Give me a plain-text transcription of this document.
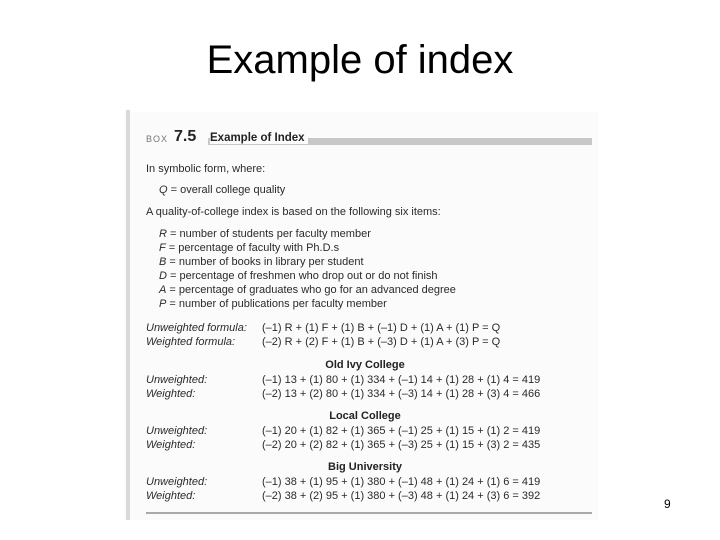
Example of index
BOX 7.5 Example of Index
In symbolic form, where:
Q = overall college quality
A quality-of-college index is based on the following six items:
R = number of students per faculty member
F = percentage of faculty with Ph.D.s
B = number of books in library per student
D = percentage of freshmen who drop out or do not finish
A = percentage of graduates who go for an advanced degree
P = number of publications per faculty member
Unweighted formula: (–1) R + (1) F + (1) B + (–1) D + (1) A + (1) P = Q
Weighted formula: (–2) R + (2) F + (1) B + (–3) D + (1) A + (3) P = Q
Old Ivy College
Unweighted:	(–1) 13 + (1) 80 + (1) 334 + (–1) 14 + (1) 28 + (1) 4 = 419
Weighted:	(–2) 13 + (2) 80 + (1) 334 + (–3) 14 + (1) 28 + (3) 4 = 466
Local College
Unweighted:	(–1) 20 + (1) 82 + (1) 365 + (–1) 25 + (1) 15 + (1) 2 = 419
Weighted:	(–2) 20 + (2) 82 + (1) 365 + (–3) 25 + (1) 15 + (3) 2 = 435
Big University
Unweighted:	(–1) 38 + (1) 95 + (1) 380 + (–1) 48 + (1) 24 + (1) 6 = 419
Weighted:	(–2) 38 + (2) 95 + (1) 380 + (–3) 48 + (1) 24 + (3) 6 = 392
9
